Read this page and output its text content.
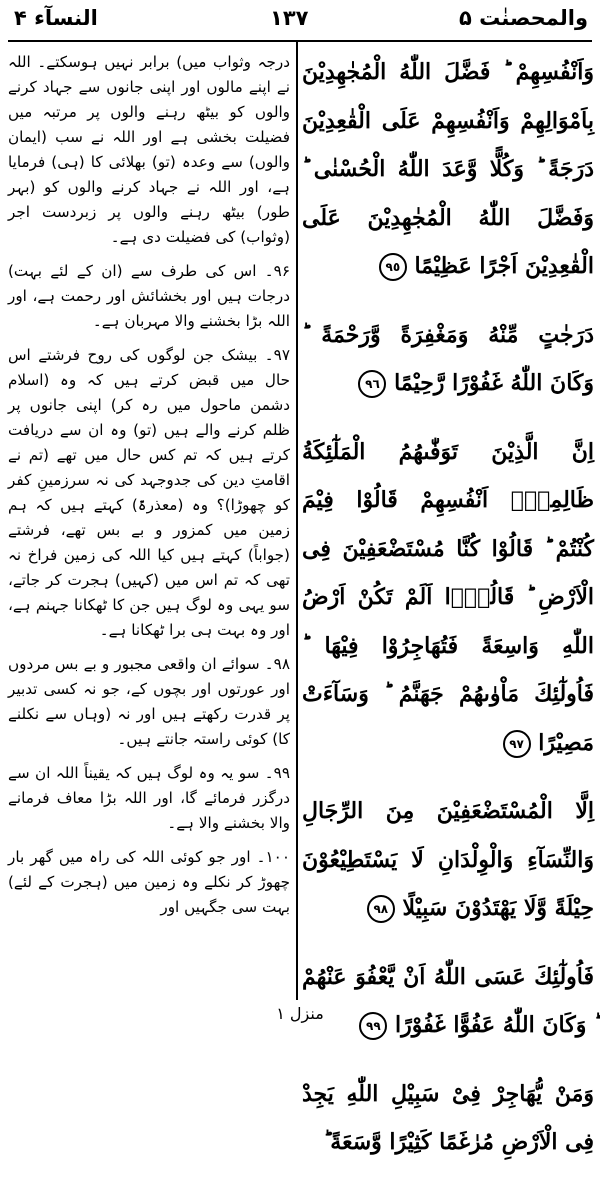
النسآء ۴	١٣٧	والمحصنٰت ۵

درجہ وثواب میں) برابر نہیں ہوسکتے۔ اللہ نے اپنے مالوں اور اپنی جانوں سے جہاد کرنے والوں کو بیٹھ رہنے والوں پر مرتبہ میں فضیلت بخشی ہے اور اللہ نے سب (ایمان والوں) سے وعدہ (تو) بھلائی کا (ہی) فرمایا ہے، اور اللہ نے جہاد کرنے والوں کو (بہر طور) بیٹھ رہنے والوں پر زبردست اجر (وثواب) کی فضیلت دی ہے۔

۹۶۔ اس کی طرف سے (ان کے لئے بہت) درجات ہیں اور بخشائش اور رحمت ہے، اور اللہ بڑا بخشنے والا مہربان ہے۔

۹۷۔ بیشک جن لوگوں کی روح فرشتے اس حال میں قبض کرتے ہیں کہ وہ (اسلام دشمن ماحول میں رہ کر) اپنی جانوں پر ظلم کرنے والے ہیں (تو) وہ ان سے دریافت کرتے ہیں کہ تم کس حال میں تھے (تم نے اقامتِ دین کی جدوجہد کی نہ سرزمینِ کفر کو چھوڑا)؟ وہ (معذرۃً) کہتے ہیں کہ ہم زمین میں کمزور و بے بس تھے، فرشتے (جواباً) کہتے ہیں کیا اللہ کی زمین فراخ نہ تھی کہ تم اس میں (کہیں) ہجرت کر جاتے، سو یہی وہ لوگ ہیں جن کا ٹھکانا جہنم ہے، اور وہ بہت ہی برا ٹھکانا ہے۔

۹۸۔ سوائے ان واقعی مجبور و بے بس مردوں اور عورتوں اور بچوں کے، جو نہ کسی تدبیر پر قدرت رکھتے ہیں اور نہ (وہاں سے نکلنے کا) کوئی راستہ جانتے ہیں۔

۹۹۔ سو یہ وہ لوگ ہیں کہ یقیناً اللہ ان سے درگزر فرمائے گا، اور اللہ بڑا معاف فرمانے والا بخشنے والا ہے۔

۱۰۰۔ اور جو کوئی اللہ کی راہ میں گھر بار چھوڑ کر نکلے وہ زمین میں (ہجرت کے لئے) بہت سی جگہیں اور

وَاَنْفُسِهِمْ ؕ فَضَّلَ اللّٰهُ الْمُجٰهِدِيْنَ بِاَمْوَالِهِمْ وَاَنْفُسِهِمْ عَلَى الْقٰعِدِيْنَ دَرَجَةً ؕ وَكُلًّا وَّعَدَ اللّٰهُ الْحُسْنٰى ؕ وَفَضَّلَ اللّٰهُ الْمُجٰهِدِيْنَ عَلَى الْقٰعِدِيْنَ اَجْرًا عَظِيْمًا ٩٥

دَرَجٰتٍ مِّنْهُ وَمَغْفِرَةً وَّرَحْمَةً ؕ وَكَانَ اللّٰهُ غَفُوْرًا رَّحِيْمًا ٩٦

اِنَّ الَّذِيْنَ تَوَفّٰىهُمُ الْمَلٰٓئِكَةُ ظَالِمِيْۤ اَنْفُسِهِمْ قَالُوْا فِيْمَ كُنْتُمْ ؕ قَالُوْا كُنَّا مُسْتَضْعَفِيْنَ فِى الْاَرْضِ ؕ قَالُوْۤا اَلَمْ تَكُنْ اَرْضُ اللّٰهِ وَاسِعَةً فَتُهَاجِرُوْا فِيْهَا ؕ فَاُولٰٓئِكَ مَاْوٰىهُمْ جَهَنَّمُ ؕ وَسَآءَتْ مَصِيْرًا ٩٧

اِلَّا الْمُسْتَضْعَفِيْنَ مِنَ الرِّجَالِ وَالنِّسَآءِ وَالْوِلْدَانِ لَا يَسْتَطِيْعُوْنَ حِيْلَةً وَّلَا يَهْتَدُوْنَ سَبِيْلًا ٩٨

فَاُولٰٓئِكَ عَسَى اللّٰهُ اَنْ يَّعْفُوَ عَنْهُمْ ؕ وَكَانَ اللّٰهُ عَفُوًّا غَفُوْرًا ٩٩

وَمَنْ يُّهَاجِرْ فِىْ سَبِيْلِ اللّٰهِ يَجِدْ فِى الْاَرْضِ مُرٰغَمًا كَثِيْرًا وَّسَعَةً ؕ

منزل ١
